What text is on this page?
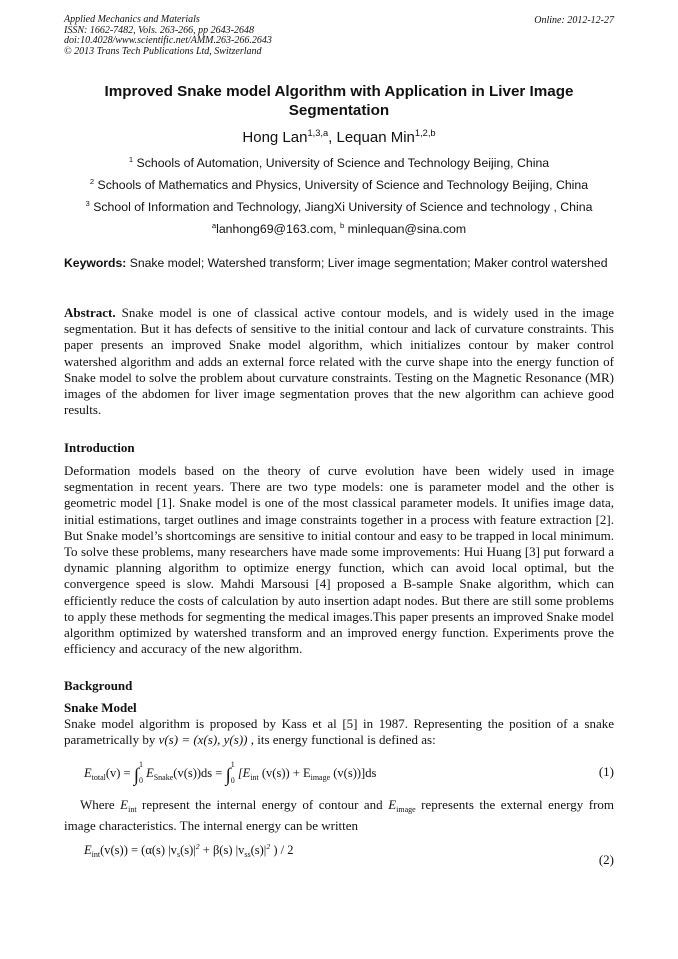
Applied Mechanics and Materials
ISSN: 1662-7482, Vols. 263-266, pp 2643-2648
doi:10.4028/www.scientific.net/AMM.263-266.2643
© 2013 Trans Tech Publications Ltd, Switzerland
Online: 2012-12-27
Improved Snake model Algorithm with Application in Liver Image Segmentation
Hong Lan$^{1,3,a}$, Lequan Min$^{1,2,b}$
$^1$ Schools of Automation, University of Science and Technology Beijing, China
$^2$ Schools of Mathematics and Physics, University of Science and Technology Beijing, China
$^3$ School of Information and Technology, JiangXi University of Science and technology , China
$^a$lanhong69@163.com, $^b$ minlequan@sina.com
Keywords: Snake model; Watershed transform; Liver image segmentation; Maker control watershed
Abstract. Snake model is one of classical active contour models, and is widely used in the image segmentation. But it has defects of sensitive to the initial contour and lack of curvature constraints. This paper presents an improved Snake model algorithm, which initializes contour by maker control watershed algorithm and adds an external force related with the curve shape into the energy function of Snake model to solve the problem about curvature constraints. Testing on the Magnetic Resonance (MR) images of the abdomen for liver image segmentation proves that the new algorithm can achieve good results.
Introduction
Deformation models based on the theory of curve evolution have been widely used in image segmentation in recent years. There are two type models: one is parameter model and the other is geometric model [1]. Snake model is one of the most classical parameter models. It unifies image data, initial estimations, target outlines and image constraints together in a process with feature extraction [2]. But Snake model’s shortcomings are sensitive to initial contour and easy to be trapped in local minimum. To solve these problems, many researchers have made some improvements: Hui Huang [3] put forward a dynamic planning algorithm to optimize energy function, which can avoid local optimal, but the convergence speed is slow. Mahdi Marsousi [4] proposed a B-sample Snake algorithm, which can efficiently reduce the costs of calculation by auto insertion adapt nodes. But there are still some problems to apply these methods for segmenting the medical images.This paper presents an improved Snake model algorithm optimized by watershed transform and an improved energy function. Experiments prove the efficiency and accuracy of the new algorithm.
Background
Snake Model
Snake model algorithm is proposed by Kass et al [5] in 1987. Representing the position of a snake parametrically by v(s) = (x(s), y(s)) , its energy functional is defined as:
$E_{total}(v) = \int^1_0$ $E_{Snake}(v(s))ds = \int^1_0$ [$E_{int}$ $(v(s)) + E_{image}$ (v(s))]ds	(1)
Where $E_{int}$ represent the internal energy of contour and $E_{image}$ represents the external energy from image characteristics. The internal energy can be written
$E_{int}(v(s)) = (\alpha(s) |v_s(s)|^2 + \beta(s)$ $|v_{ss}(s)|^2$ ) / 2
(2)
